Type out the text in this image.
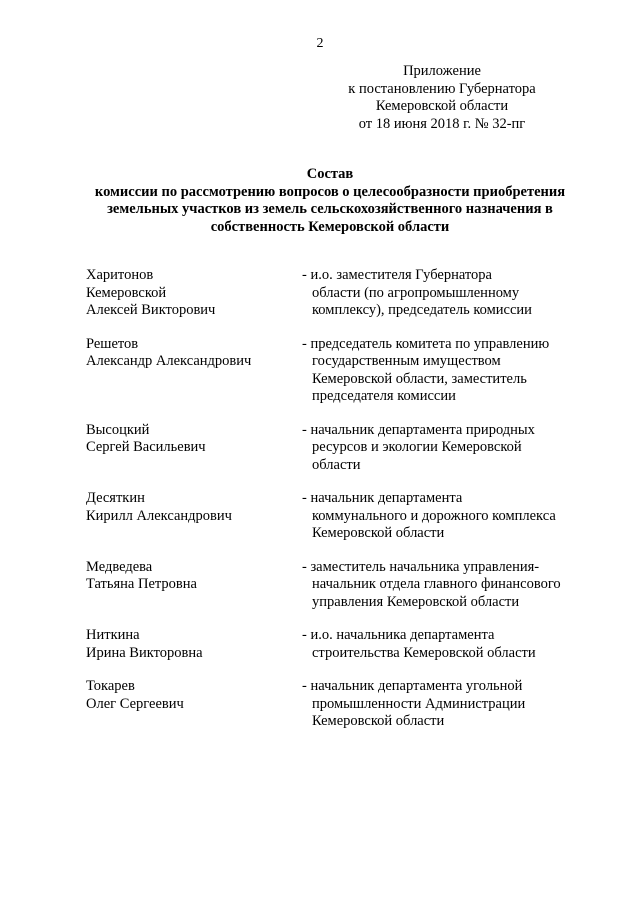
2
Приложение
к постановлению Губернатора
Кемеровской области
от 18 июня 2018 г. № 32-пг
Состав
комиссии по рассмотрению вопросов о целесообразности приобретения
земельных участков из земель сельскохозяйственного назначения в
собственность Кемеровской области
Харитонов
Кемеровской
Алексей Викторович
- и.о. заместителя Губернатора
области (по агропромышленному
комплексу), председатель комиссии
Решетов
Александр Александрович
- председатель комитета по управлению
государственным имуществом
Кемеровской области, заместитель
председателя комиссии
Высоцкий
Сергей Васильевич
- начальник департамента природных
ресурсов и экологии Кемеровской
области
Десяткин
Кирилл Александрович
- начальник департамента
коммунального и дорожного комплекса
Кемеровской области
Медведева
Татьяна Петровна
- заместитель начальника управления-
начальник отдела главного финансового
управления Кемеровской области
Ниткина
Ирина Викторовна
- и.о. начальника департамента
строительства Кемеровской области
Токарев
Олег Сергеевич
- начальник департамента угольной
промышленности Администрации
Кемеровской области
